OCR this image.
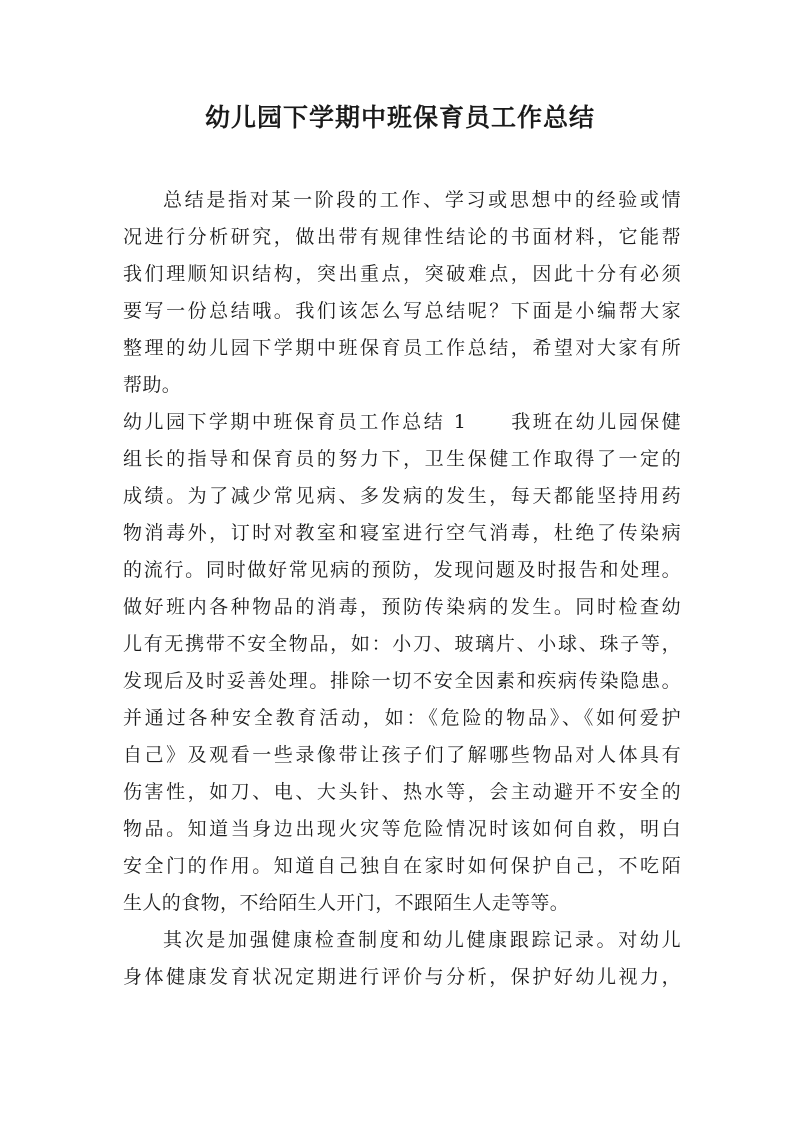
幼儿园下学期中班保育员工作总结
总结是指对某一阶段的工作、学习或思想中的经验或情
况进行分析研究，做出带有规律性结论的书面材料，它能帮
我们理顺知识结构，突出重点，突破难点，因此十分有必须
要写一份总结哦。我们该怎么写总结呢？下面是小编帮大家
整理的幼儿园下学期中班保育员工作总结，希望对大家有所
帮助。
幼儿园下学期中班保育员工作总结 1　　我班在幼儿园保健
组长的指导和保育员的努力下，卫生保健工作取得了一定的
成绩。为了减少常见病、多发病的发生，每天都能坚持用药
物消毒外，订时对教室和寝室进行空气消毒，杜绝了传染病
的流行。同时做好常见病的预防，发现问题及时报告和处理。
做好班内各种物品的消毒，预防传染病的发生。同时检查幼
儿有无携带不安全物品，如：小刀、玻璃片、小球、珠子等，
发现后及时妥善处理。排除一切不安全因素和疾病传染隐患。
并通过各种安全教育活动，如：《危险的物品》、《如何爱护
自己》及观看一些录像带让孩子们了解哪些物品对人体具有
伤害性，如刀、电、大头针、热水等，会主动避开不安全的
物品。知道当身边出现火灾等危险情况时该如何自救，明白
安全门的作用。知道自己独自在家时如何保护自己，不吃陌
生人的食物，不给陌生人开门，不跟陌生人走等等。
其次是加强健康检查制度和幼儿健康跟踪记录。对幼儿
身体健康发育状况定期进行评价与分析，保护好幼儿视力，
